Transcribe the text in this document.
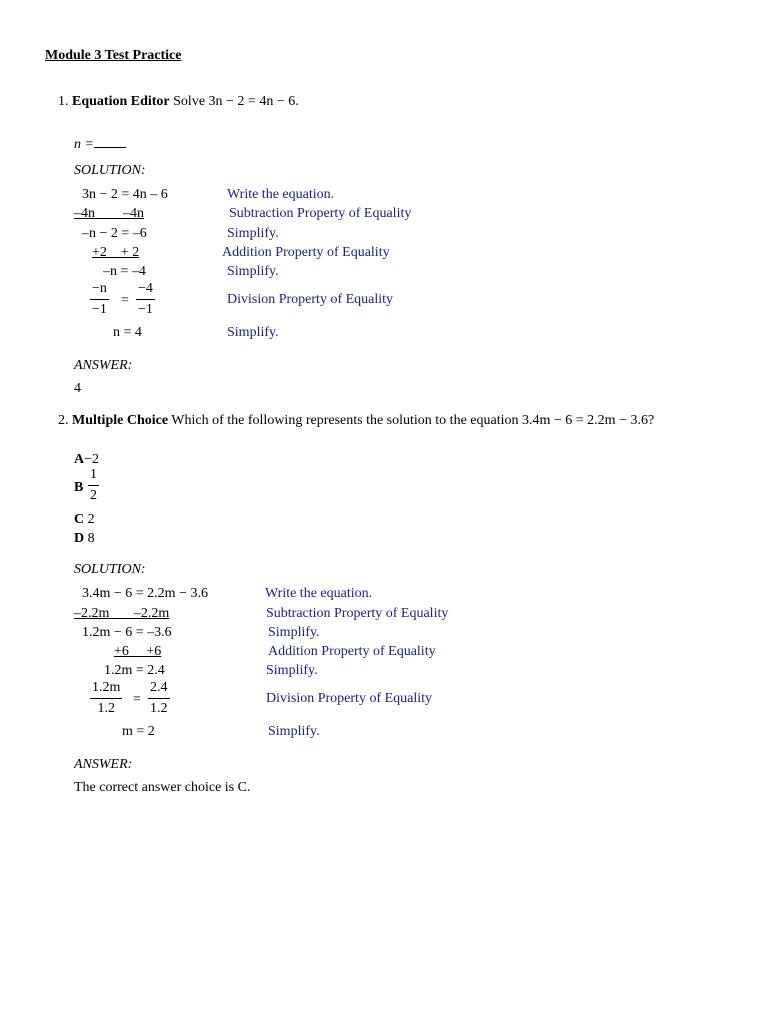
Module 3 Test Practice
1. Equation Editor Solve 3n − 2 = 4n − 6.
n =
SOLUTION:
3n − 2 = 4n – 6	Write the equation.
–4n        –4n	Subtraction Property of Equality
–n − 2 = –6	Simplify.
+2    + 2	Addition Property of Equality
–n = –4	Simplify.
$\frac{-n}{-1} = \frac{-4}{-1}$	Division Property of Equality
n = 4	Simplify.
ANSWER:
4
2. Multiple Choice Which of the following represents the solution to the equation 3.4m − 6 = 2.2m − 3.6?
A−2
B $\frac{1}{2}$
C 2
D 8
SOLUTION:
3.4m − 6 = 2.2m − 3.6	Write the equation.
–2.2m       –2.2m	Subtraction Property of Equality
1.2m − 6 = –3.6	Simplify.
+6     +6	Addition Property of Equality
1.2m = 2.4	Simplify.
$\frac{1.2m}{1.2} = \frac{2.4}{1.2}$	Division Property of Equality
m = 2	Simplify.
ANSWER:
The correct answer choice is C.
